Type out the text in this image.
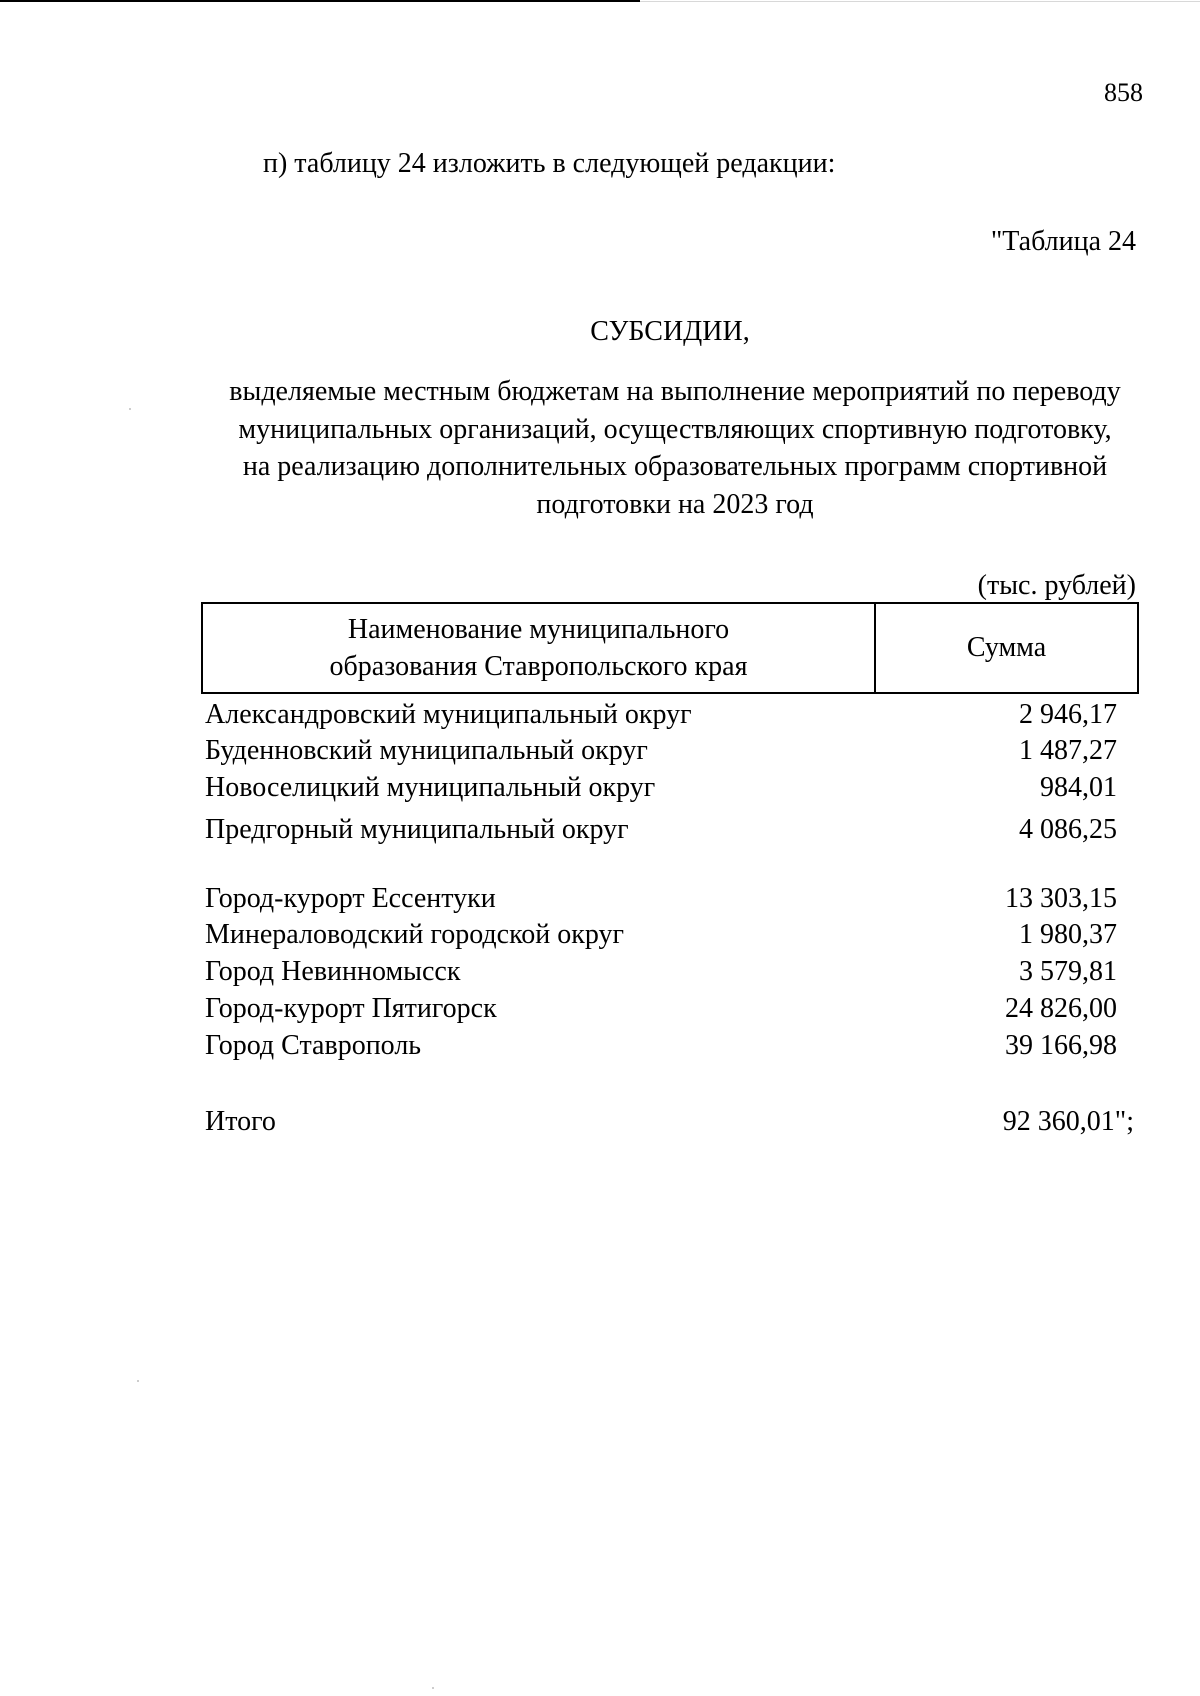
858
п) таблицу 24 изложить в следующей редакции:
"Таблица 24
СУБСИДИИ,
выделяемые местным бюджетам на выполнение мероприятий по переводу
муниципальных организаций, осуществляющих спортивную подготовку,
на реализацию дополнительных образовательных программ спортивной
подготовки на 2023 год
(тыс. рублей)
Наименование муниципального
образования Ставропольского края
Сумма
Александровский муниципальный округ	2 946,17
Буденновский муниципальный округ	1 487,27
Новоселицкий муниципальный округ	984,01
Предгорный муниципальный округ	4 086,25
Город-курорт Ессентуки	13 303,15
Минераловодский городской округ	1 980,37
Город Невинномысск	3 579,81
Город-курорт Пятигорск	24 826,00
Город Ставрополь	39 166,98
Итого	92 360,01";
